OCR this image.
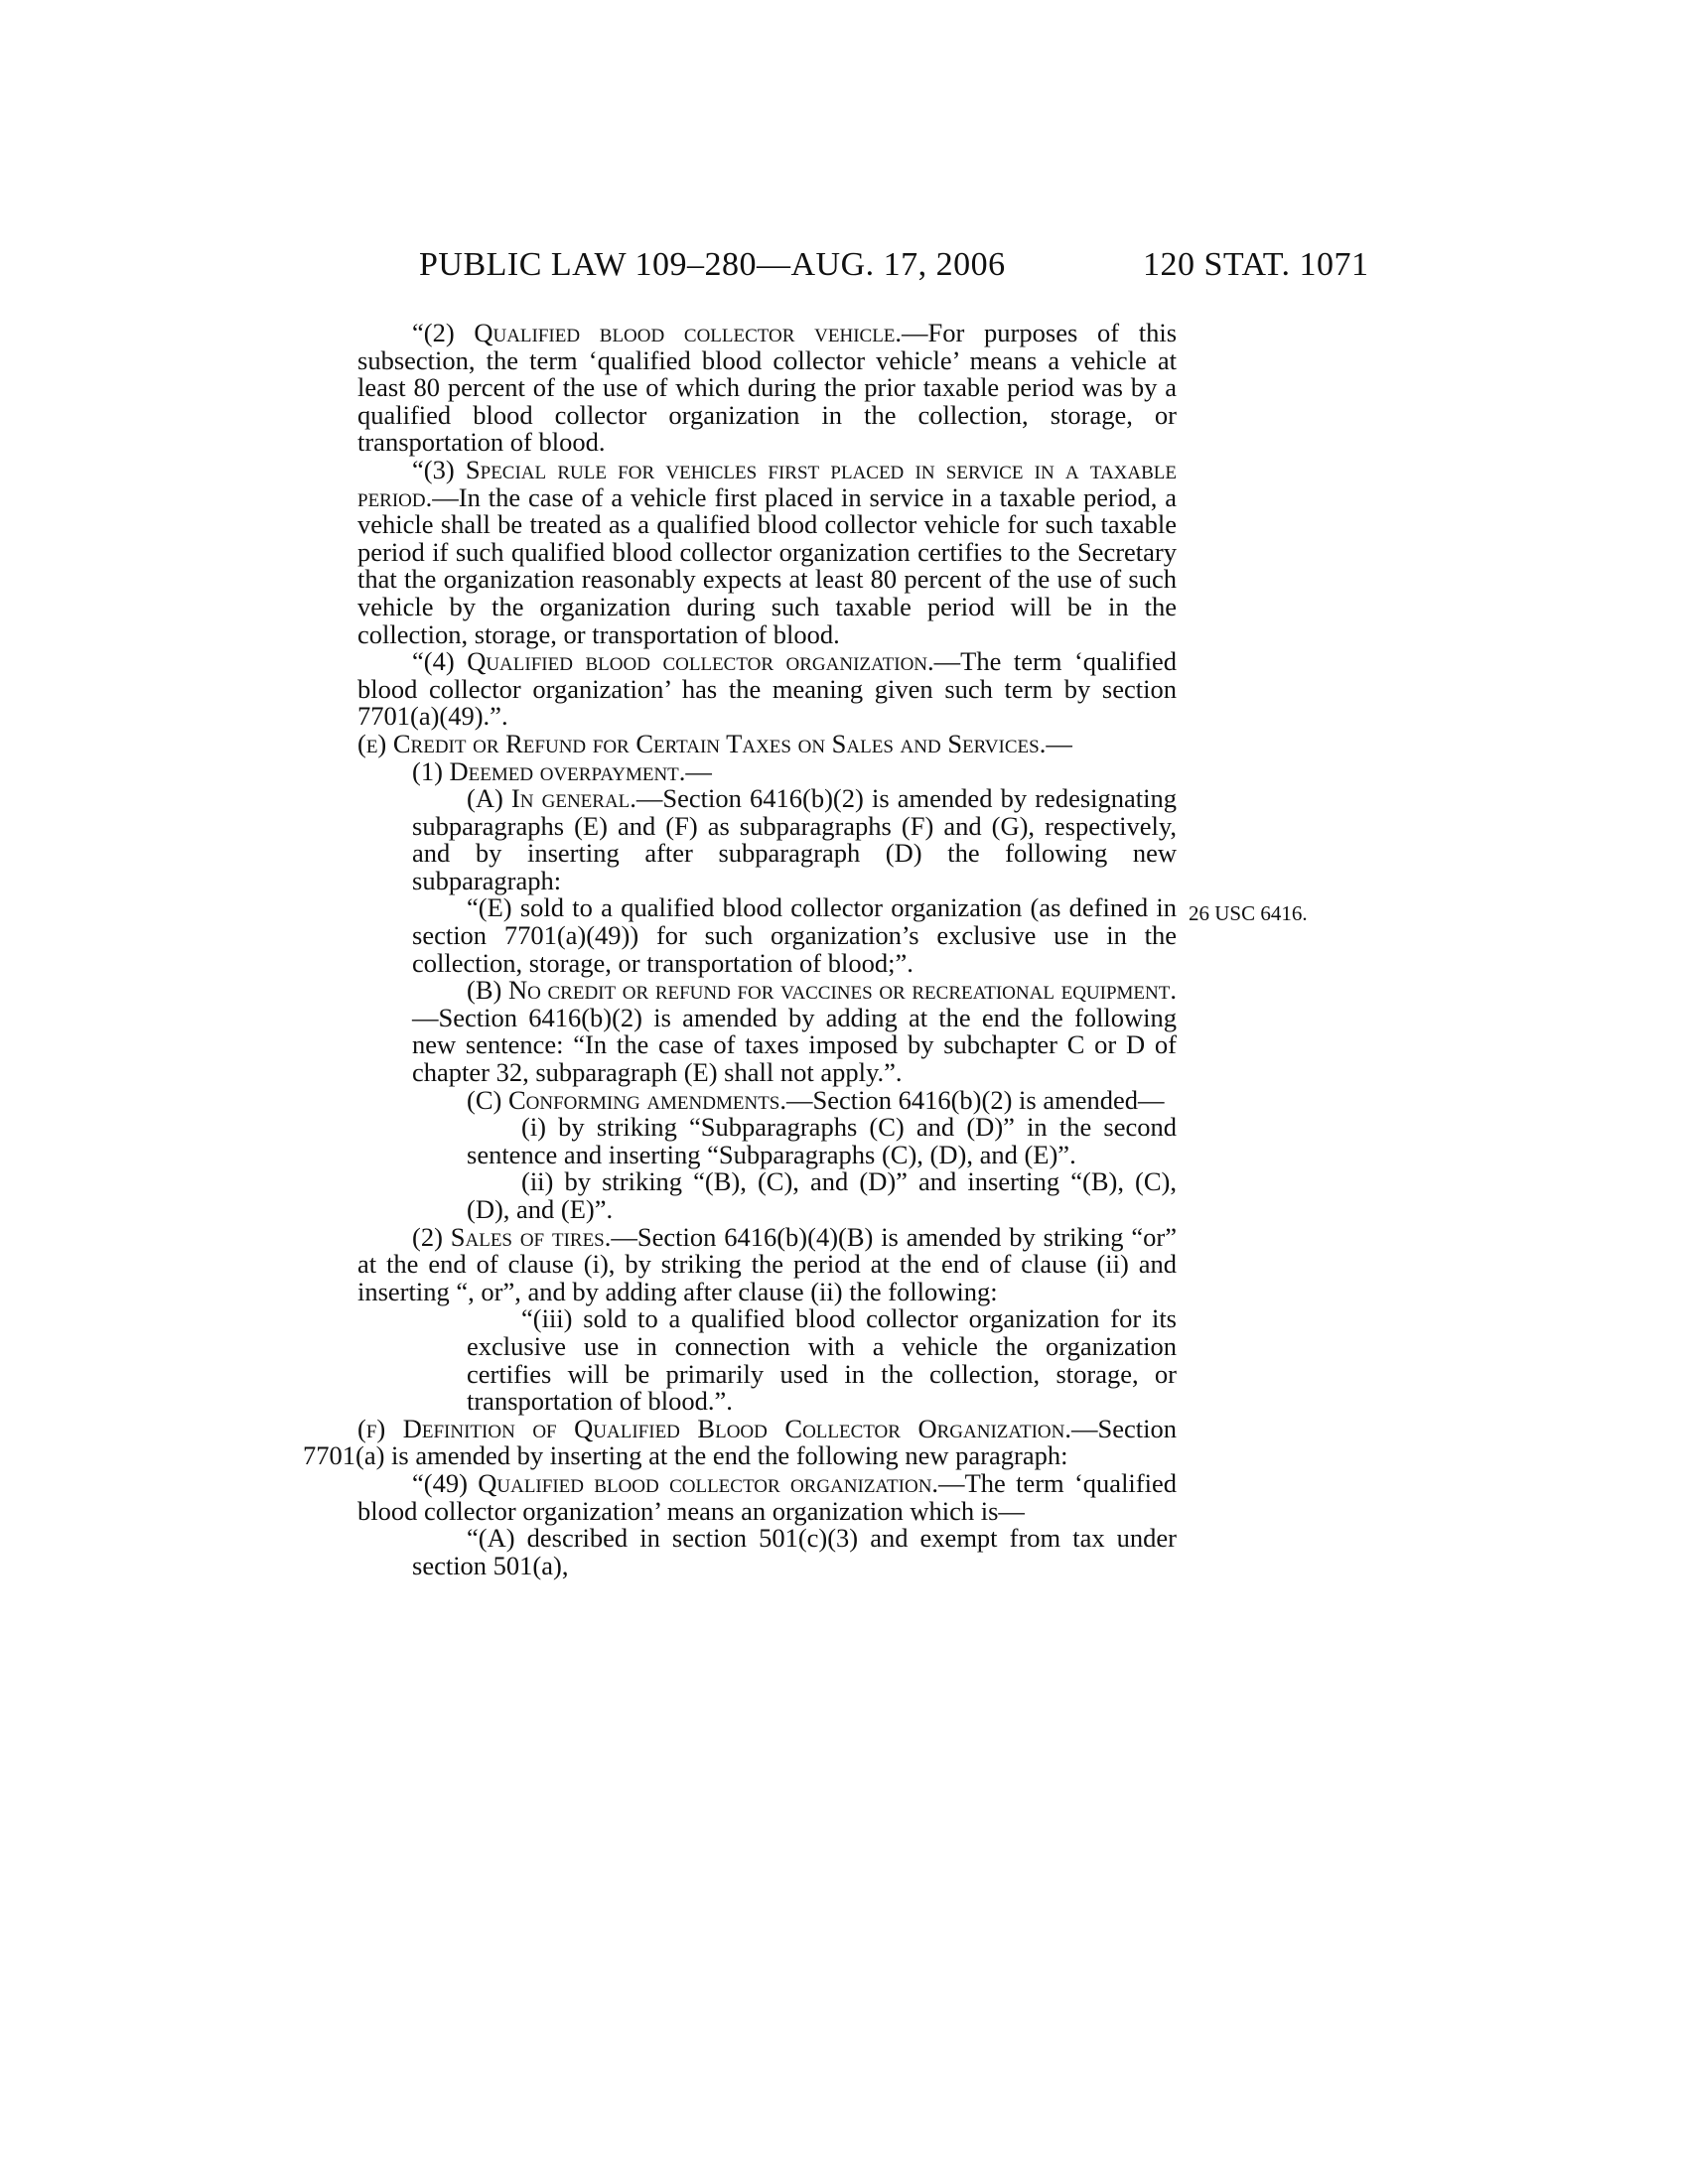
PUBLIC LAW 109–280—AUG. 17, 2006	120 STAT. 1071
26 USC 6416.

“(2) Qualified blood collector vehicle.—For purposes of this subsection, the term ‘qualified blood collector vehicle’ means a vehicle at least 80 percent of the use of which during the prior taxable period was by a qualified blood collector organization in the collection, storage, or transportation of blood.

“(3) Special rule for vehicles first placed in service in a taxable period.—In the case of a vehicle first placed in service in a taxable period, a vehicle shall be treated as a qualified blood collector vehicle for such taxable period if such qualified blood collector organization certifies to the Secretary that the organization reasonably expects at least 80 percent of the use of such vehicle by the organization during such taxable period will be in the collection, storage, or transportation of blood.

“(4) Qualified blood collector organization.—The term ‘qualified blood collector organization’ has the meaning given such term by section 7701(a)(49).”.

(e) Credit or Refund for Certain Taxes on Sales and Services.—

(1) Deemed overpayment.—

(A) In general.—Section 6416(b)(2) is amended by redesignating subparagraphs (E) and (F) as subparagraphs (F) and (G), respectively, and by inserting after subparagraph (D) the following new subparagraph:

“(E) sold to a qualified blood collector organization (as defined in section 7701(a)(49)) for such organization’s exclusive use in the collection, storage, or transportation of blood;”.

(B) No credit or refund for vaccines or recreational equipment.—Section 6416(b)(2) is amended by adding at the end the following new sentence: “In the case of taxes imposed by subchapter C or D of chapter 32, subparagraph (E) shall not apply.”.

(C) Conforming amendments.—Section 6416(b)(2) is amended—

(i) by striking “Subparagraphs (C) and (D)” in the second sentence and inserting “Subparagraphs (C), (D), and (E)”.

(ii) by striking “(B), (C), and (D)” and inserting “(B), (C), (D), and (E)”.

(2) Sales of tires.—Section 6416(b)(4)(B) is amended by striking “or” at the end of clause (i), by striking the period at the end of clause (ii) and inserting “, or”, and by adding after clause (ii) the following:

“(iii) sold to a qualified blood collector organization for its exclusive use in connection with a vehicle the organization certifies will be primarily used in the collection, storage, or transportation of blood.”.

(f) Definition of Qualified Blood Collector Organization.—Section 7701(a) is amended by inserting at the end the following new paragraph:

“(49) Qualified blood collector organization.—The term ‘qualified blood collector organization’ means an organization which is—

“(A) described in section 501(c)(3) and exempt from tax under section 501(a),
